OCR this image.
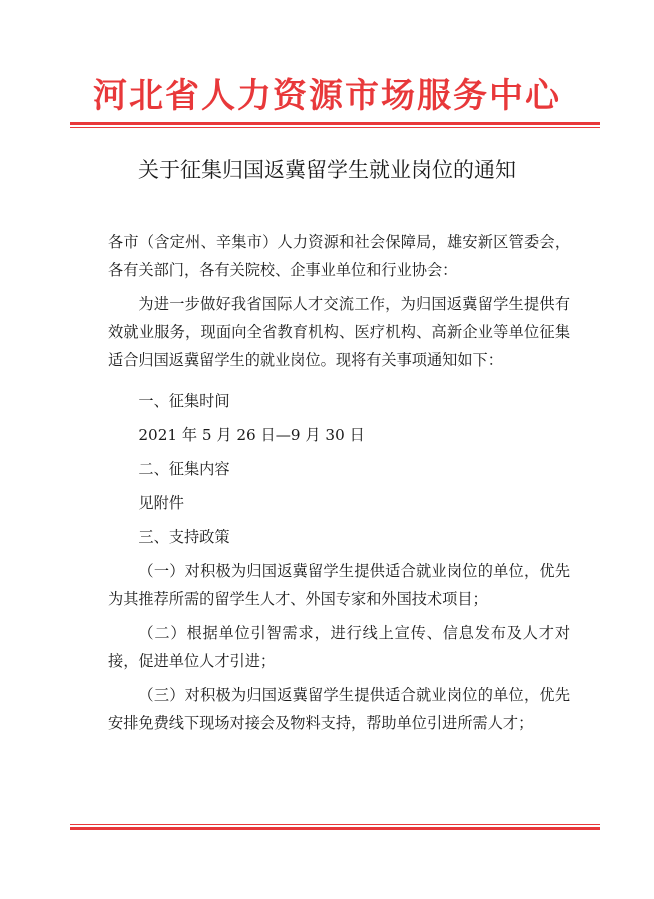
河北省人力资源市场服务中心
关于征集归国返冀留学生就业岗位的通知

各市（含定州、辛集市）人力资源和社会保障局，雄安新区管委会，各有关部门，各有关院校、企事业单位和行业协会：

为进一步做好我省国际人才交流工作，为归国返冀留学生提供有效就业服务，现面向全省教育机构、医疗机构、高新企业等单位征集适合归国返冀留学生的就业岗位。现将有关事项通知如下：

一、征集时间

2021 年 5 月 26 日—9 月 30 日

二、征集内容

见附件

三、支持政策

（一）对积极为归国返冀留学生提供适合就业岗位的单位，优先为其推荐所需的留学生人才、外国专家和外国技术项目；

（二）根据单位引智需求，进行线上宣传、信息发布及人才对接，促进单位人才引进；

（三）对积极为归国返冀留学生提供适合就业岗位的单位，优先安排免费线下现场对接会及物料支持，帮助单位引进所需人才；
